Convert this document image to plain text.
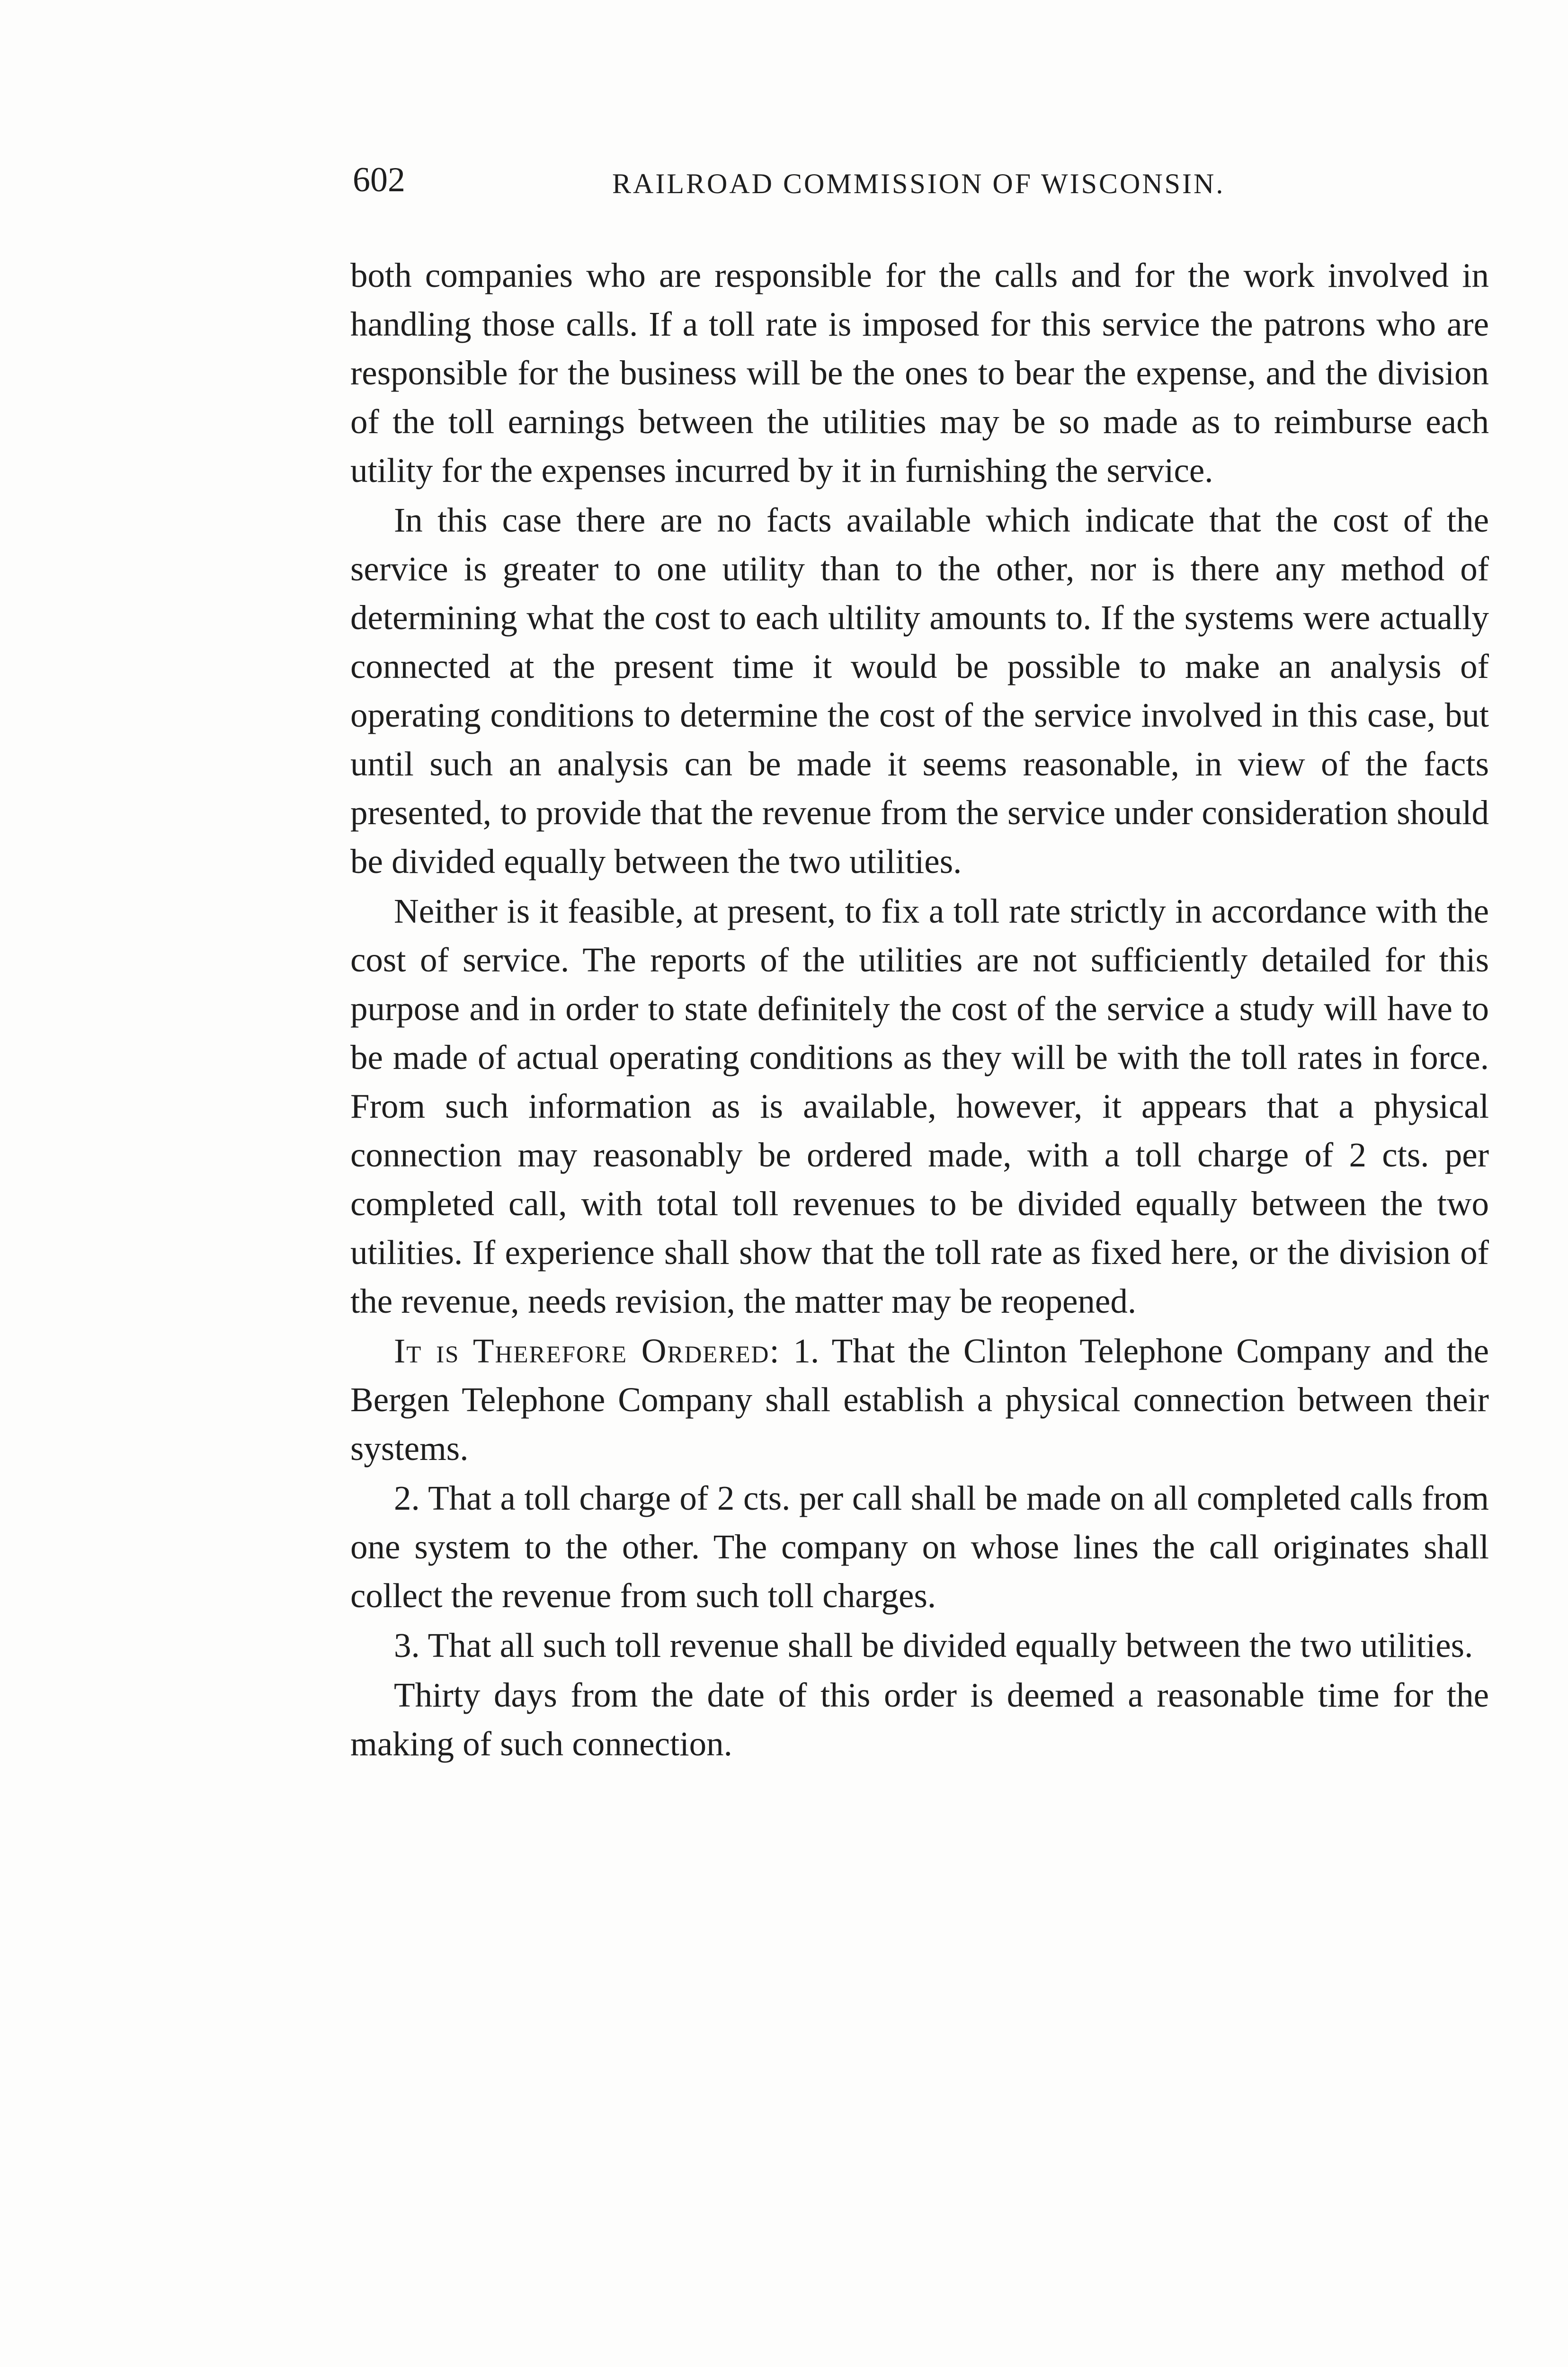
602	RAILROAD COMMISSION OF WISCONSIN.

both companies who are responsible for the calls and for the work involved in handling those calls. If a toll rate is imposed for this service the patrons who are responsible for the business will be the ones to bear the expense, and the division of the toll earnings between the utilities may be so made as to reimburse each utility for the expenses incurred by it in furnishing the service.

In this case there are no facts available which indicate that the cost of the service is greater to one utility than to the other, nor is there any method of determining what the cost to each ultility amounts to. If the systems were actually connected at the present time it would be possible to make an analysis of operating conditions to determine the cost of the service involved in this case, but until such an analysis can be made it seems reasonable, in view of the facts presented, to provide that the revenue from the service under consideration should be divided equally between the two utilities.

Neither is it feasible, at present, to fix a toll rate strictly in accordance with the cost of service. The reports of the utilities are not sufficiently detailed for this purpose and in order to state definitely the cost of the service a study will have to be made of actual operating conditions as they will be with the toll rates in force. From such information as is available, however, it appears that a physical connection may reasonably be ordered made, with a toll charge of 2 cts. per completed call, with total toll revenues to be divided equally between the two utilities. If experience shall show that the toll rate as fixed here, or the division of the revenue, needs revision, the matter may be reopened.

It is Therefore Ordered: 1. That the Clinton Telephone Company and the Bergen Telephone Company shall establish a physical connection between their systems.

2. That a toll charge of 2 cts. per call shall be made on all completed calls from one system to the other. The company on whose lines the call originates shall collect the revenue from such toll charges.

3. That all such toll revenue shall be divided equally between the two utilities.

Thirty days from the date of this order is deemed a reasonable time for the making of such connection.
